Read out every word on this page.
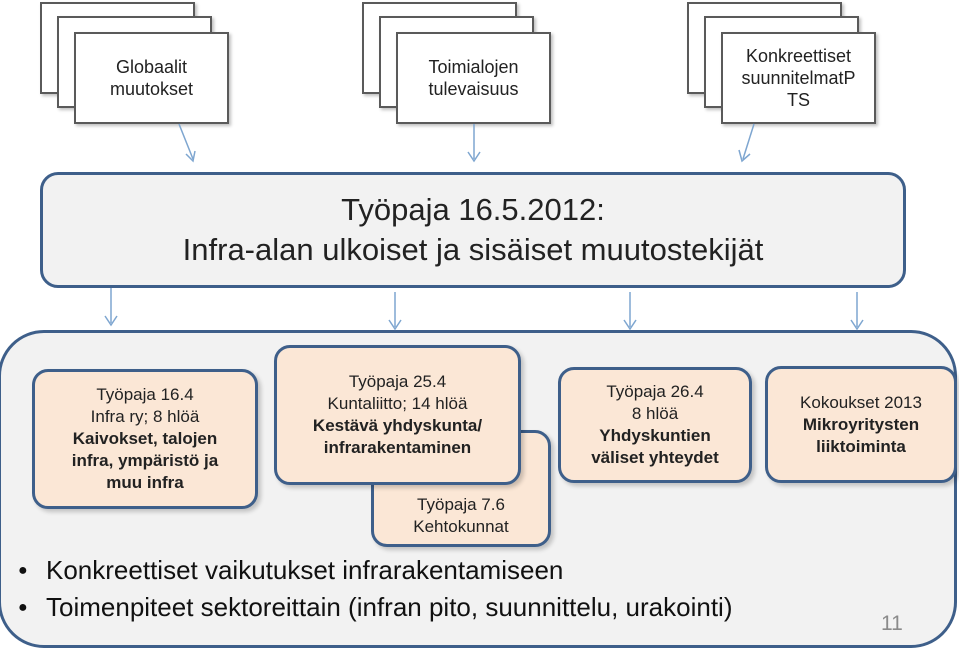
Globaalit
muutokset
Toimialojen
tulevaisuus
Konkreettiset
suunnitelmatP
TS
Työpaja 16.5.2012:
Infra-alan ulkoiset ja sisäiset muutostekijät
Työpaja 16.4
Infra ry; 8 hlöä
Kaivokset, talojen
infra, ympäristö ja
muu infra
Työpaja 7.6
Kehtokunnat
Työpaja 25.4
Kuntaliitto; 14 hlöä
Kestävä yhdyskunta/
infrarakentaminen
Työpaja 26.4
8 hlöä
Yhdyskuntien
väliset yhteydet
Kokoukset 2013
Mikroyritysten
liiktoiminta
● Konkreettiset vaikutukset infrarakentamiseen
● Toimenpiteet sektoreittain (infran pito, suunnittelu, urakointi)
11
